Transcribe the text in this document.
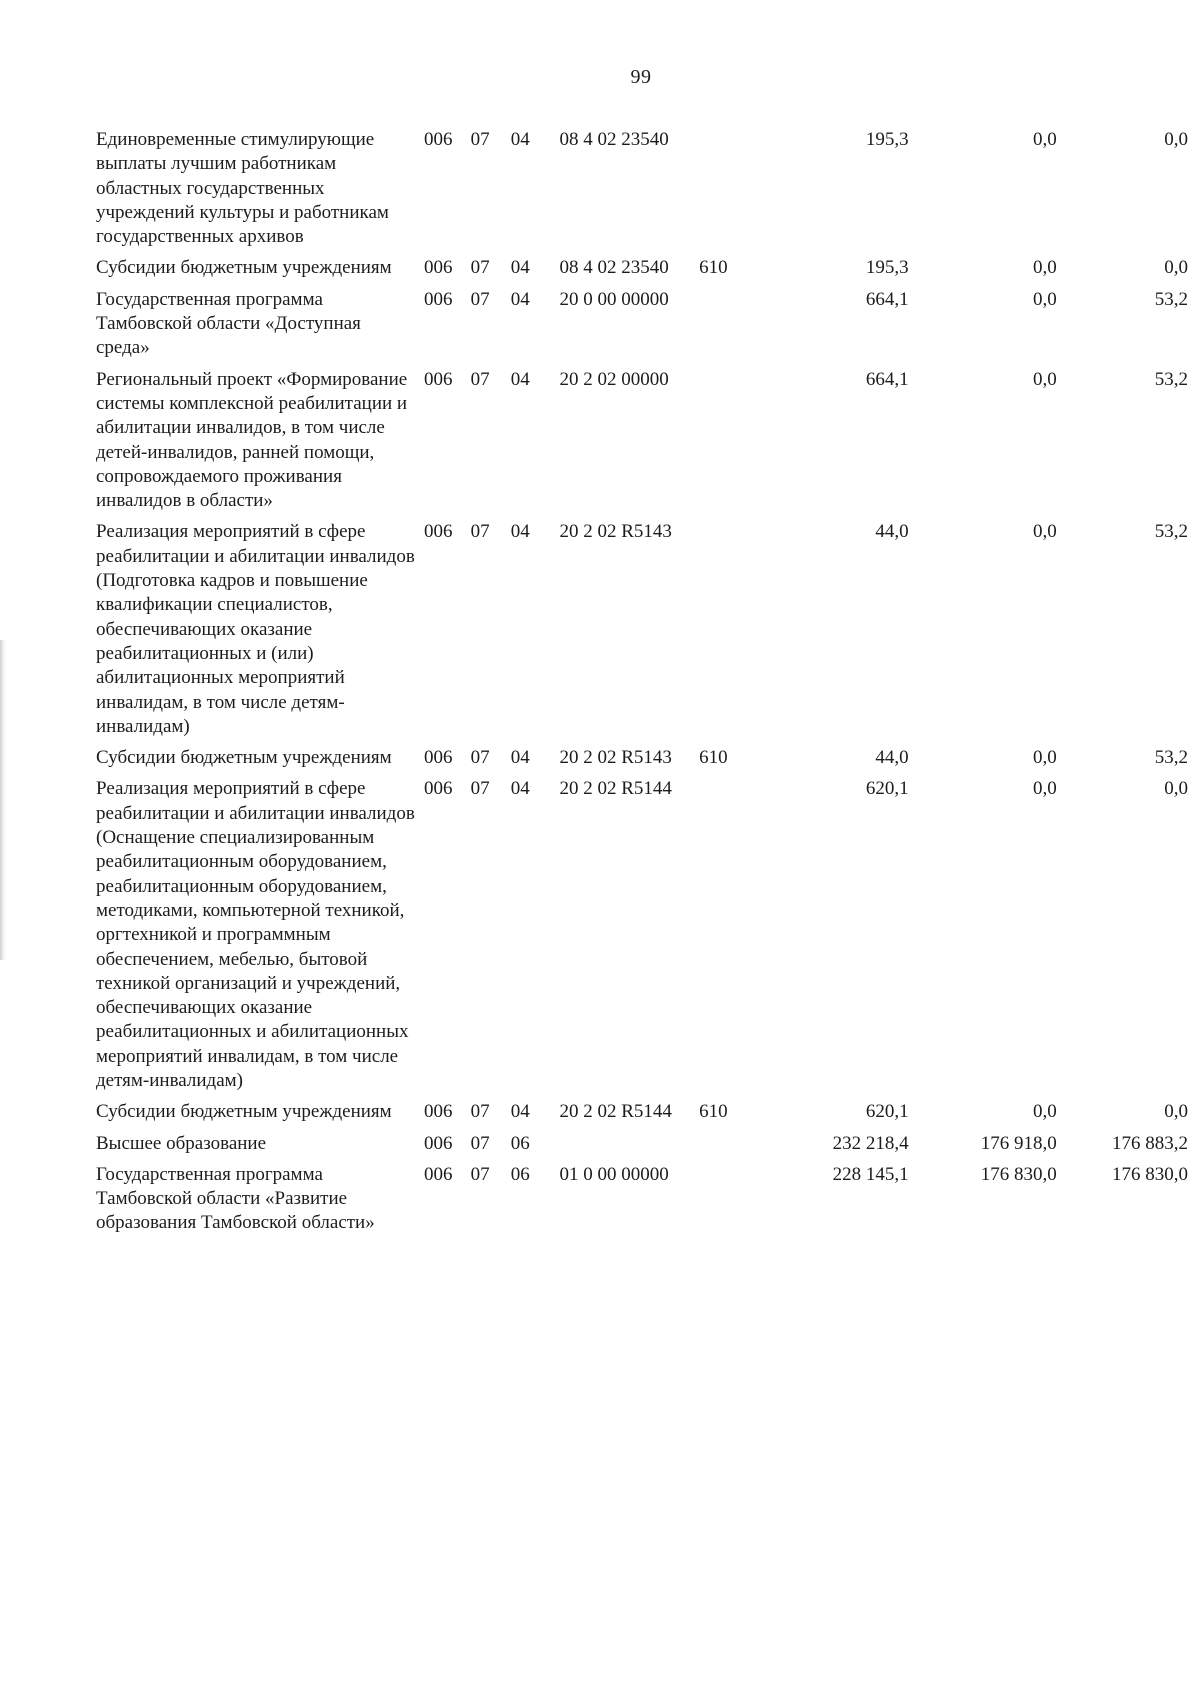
99
Единовременные стимулирующие выплаты лучшим работникам областных государственных учреждений культуры и работникам государственных архивов	006	07	04	08 4 02 23540		195,3	0,0	0,0
Субсидии бюджетным учреждениям	006	07	04	08 4 02 23540	610	195,3	0,0	0,0
Государственная программа Тамбовской области «Доступная среда»	006	07	04	20 0 00 00000		664,1	0,0	53,2
Региональный проект «Формирование системы комплексной реабилитации и абилитации инвалидов, в том числе детей-инвалидов, ранней помощи, сопровождаемого проживания инвалидов в области»	006	07	04	20 2 02 00000		664,1	0,0	53,2
Реализация мероприятий в сфере реабилитации и абилитации инвалидов (Подготовка кадров и повышение квалификации специалистов, обеспечивающих оказание реабилитационных и (или) абилитационных мероприятий инвалидам, в том числе детям-инвалидам)	006	07	04	20 2 02 R5143		44,0	0,0	53,2
Субсидии бюджетным учреждениям	006	07	04	20 2 02 R5143	610	44,0	0,0	53,2
Реализация мероприятий в сфере реабилитации и абилитации инвалидов (Оснащение специализированным реабилитационным оборудованием, реабилитационным оборудованием, методиками, компьютерной техникой, оргтехникой и программным обеспечением, мебелью, бытовой техникой организаций и учреждений, обеспечивающих оказание реабилитационных и абилитационных мероприятий инвалидам, в том числе детям-инвалидам)	006	07	04	20 2 02 R5144		620,1	0,0	0,0
Субсидии бюджетным учреждениям	006	07	04	20 2 02 R5144	610	620,1	0,0	0,0
Высшее образование	006	07	06			232 218,4	176 918,0	176 883,2
Государственная программа Тамбовской области «Развитие образования Тамбовской области»	006	07	06	01 0 00 00000		228 145,1	176 830,0	176 830,0
